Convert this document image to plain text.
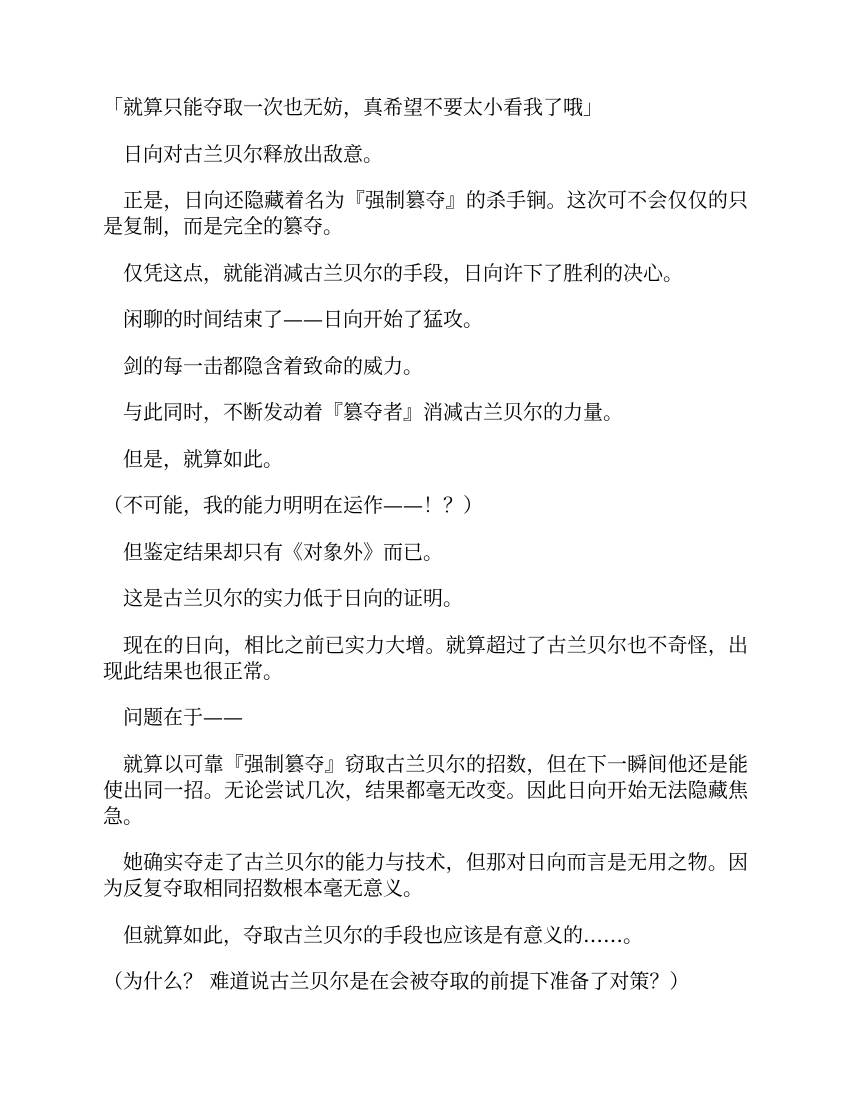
「就算只能夺取一次也无妨，真希望不要太小看我了哦」

日向对古兰贝尔释放出敌意。

正是，日向还隐藏着名为『强制篡夺』的杀手锏。这次可不会仅仅的只是复制，而是完全的篡夺。

仅凭这点，就能消减古兰贝尔的手段，日向许下了胜利的决心。

闲聊的时间结束了——日向开始了猛攻。

剑的每一击都隐含着致命的威力。

与此同时，不断发动着『篡夺者』消减古兰贝尔的力量。

但是，就算如此。

（不可能，我的能力明明在运作——！？）

但鉴定结果却只有《对象外》而已。

这是古兰贝尔的实力低于日向的证明。

现在的日向，相比之前已实力大增。就算超过了古兰贝尔也不奇怪，出现此结果也很正常。

问题在于——

就算以可靠『强制篡夺』窃取古兰贝尔的招数，但在下一瞬间他还是能使出同一招。无论尝试几次，结果都毫无改变。因此日向开始无法隐藏焦急。

她确实夺走了古兰贝尔的能力与技术，但那对日向而言是无用之物。因为反复夺取相同招数根本毫无意义。

但就算如此，夺取古兰贝尔的手段也应该是有意义的……。

（为什么？ 难道说古兰贝尔是在会被夺取的前提下准备了对策？）
